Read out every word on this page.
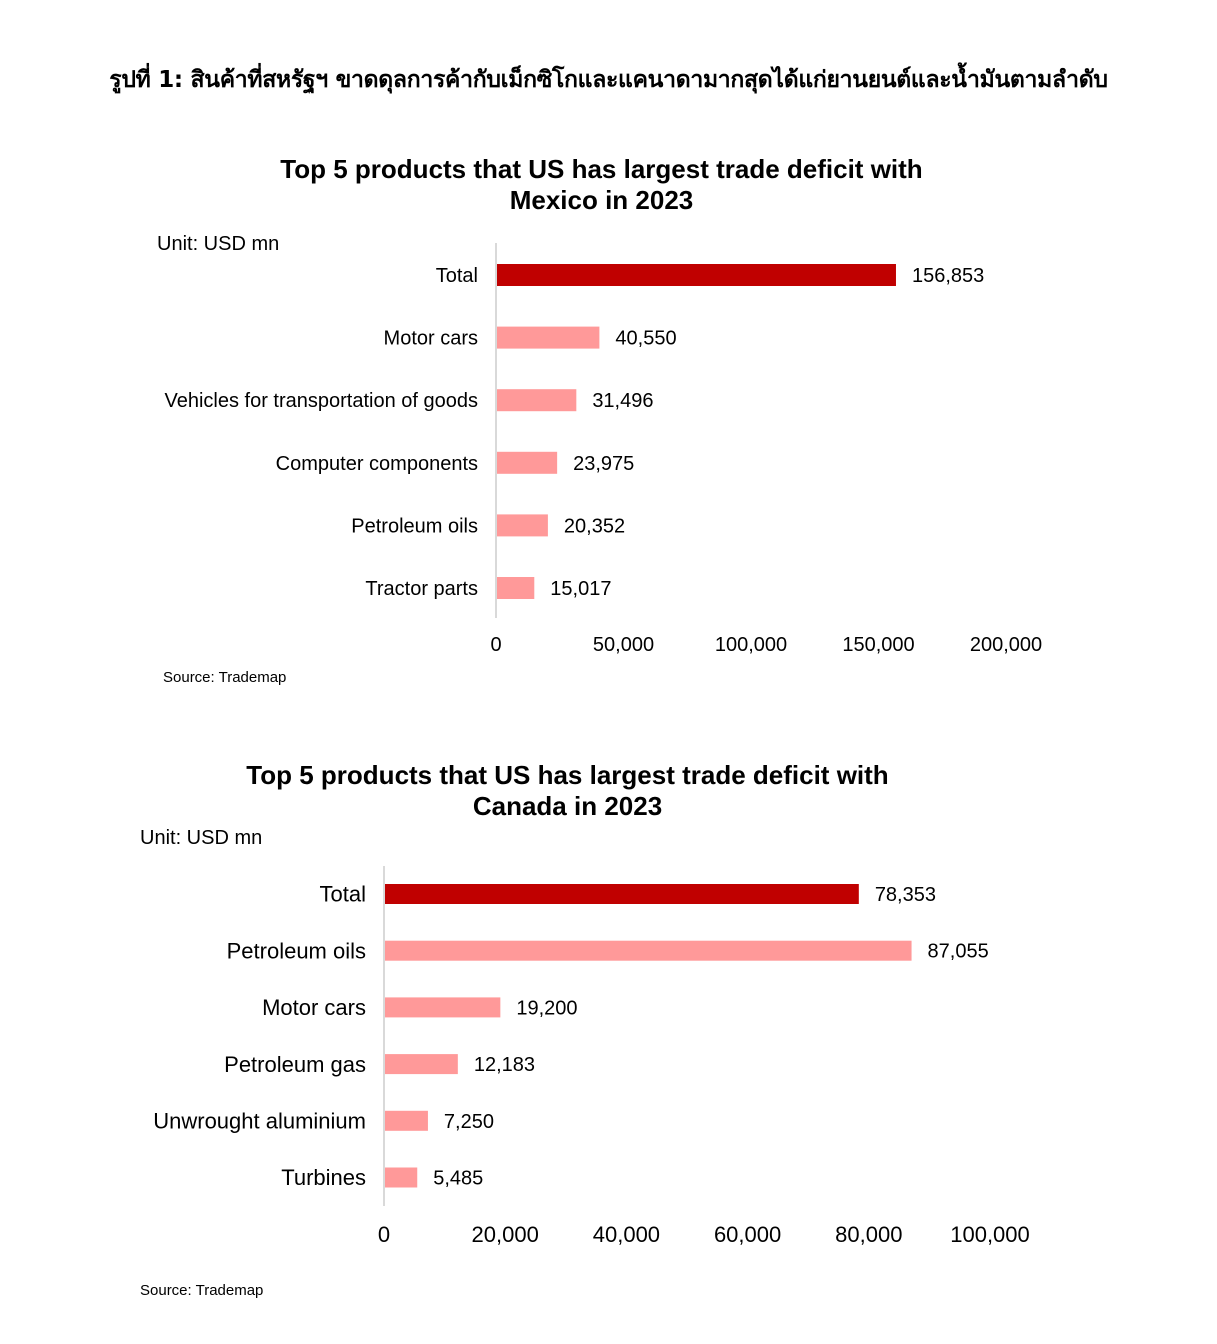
รูปที่ 1: สินค้าที่สหรัฐฯ ขาดดุลการค้ากับเม็กซิโกและแคนาดามากสุดได้แก่ยานยนต์และน้ำมันตามลำดับ
Top 5 products that US has largest trade deficit with
Mexico in 2023
Unit: USD mn
Total	156,853
Motor cars	40,550
Vehicles for transportation of goods	31,496
Computer components	23,975
Petroleum oils	20,352
Tractor parts	15,017
0	50,000	100,000	150,000	200,000
Source: Trademap
Top 5 products that US has largest trade deficit with
Canada in 2023
Unit: USD mn
Total	78,353
Petroleum oils	87,055
Motor cars	19,200
Petroleum gas	12,183
Unwrought aluminium	7,250
Turbines	5,485
0	20,000 40,000 60,000 80,000 100,000
Source: Trademap
